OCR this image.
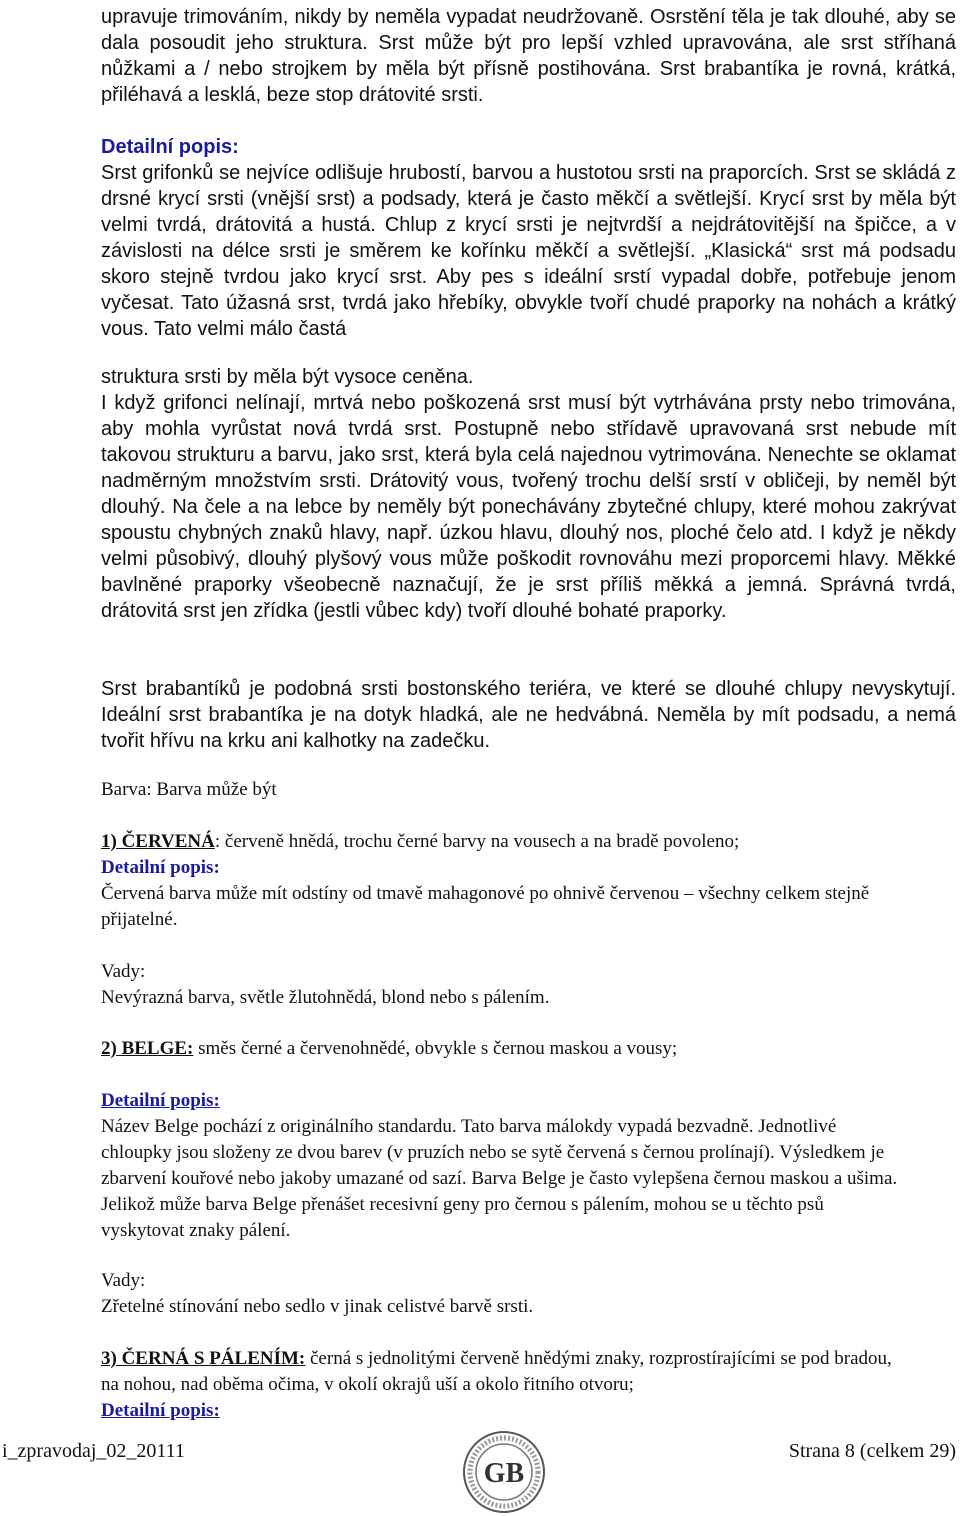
upravuje trimováním, nikdy by neměla vypadat neudržovaně. Osrstění těla je tak dlouhé, aby se dala posoudit jeho struktura. Srst může být pro lepší vzhled upravována, ale srst stříhaná nůžkami a / nebo strojkem by měla být přísně postihována. Srst brabantíka je rovná, krátká, přiléhavá a lesklá, beze stop drátovité srsti.

Detailní popis:

Srst grifonků se nejvíce odlišuje hrubostí, barvou a hustotou srsti na praporcích. Srst se skládá z drsné krycí srsti (vnější srst) a podsady, která je často měkčí a světlejší. Krycí srst by měla být velmi tvrdá, drátovitá a hustá. Chlup z krycí srsti je nejtvrdší a nejdrátovitější na špičce, a v závislosti na délce srsti je směrem ke kořínku měkčí a světlejší. „Klasická“ srst má podsadu skoro stejně tvrdou jako krycí srst. Aby pes s ideální srstí vypadal dobře, potřebuje jenom vyčesat. Tato úžasná srst, tvrdá jako hřebíky, obvykle tvoří chudé praporky na nohách a krátký vous. Tato velmi málo častá

struktura srsti by měla být vysoce ceněna.

I když grifonci nelínají, mrtvá nebo poškozená srst musí být vytrhávána prsty nebo trimována, aby mohla vyrůstat nová tvrdá srst. Postupně nebo střídavě upravovaná srst nebude mít takovou strukturu a barvu, jako srst, která byla celá najednou vytrimována. Nenechte se oklamat nadměrným množstvím srsti. Drátovitý vous, tvořený trochu delší srstí v obličeji, by neměl být dlouhý. Na čele a na lebce by neměly být ponechávány zbytečné chlupy, které mohou zakrývat spoustu chybných znaků hlavy, např. úzkou hlavu, dlouhý nos, ploché čelo atd. I když je někdy velmi působivý, dlouhý plyšový vous může poškodit rovnováhu mezi proporcemi hlavy. Měkké bavlněné praporky všeobecně naznačují, že je srst příliš měkká a jemná. Správná tvrdá, drátovitá srst jen zřídka (jestli vůbec kdy) tvoří dlouhé bohaté praporky.

Srst brabantíků je podobná srsti bostonského teriéra, ve které se dlouhé chlupy nevyskytují. Ideální srst brabantíka je na dotyk hladká, ale ne hedvábná. Neměla by mít podsadu, a nemá tvořit hřívu na krku ani kalhotky na zadečku.

Barva: Barva může být

1) ČERVENÁ: červeně hnědá, trochu černé barvy na vousech a na bradě povoleno;

Detailní popis:

Červená barva může mít odstíny od tmavě mahagonové po ohnivě červenou – všechny celkem stejně přijatelné.

Vady:

Nevýrazná barva, světle žlutohnědá, blond nebo s pálením.

2) BELGE: směs černé a červenohnědé, obvykle s černou maskou a vousy;

Detailní popis:

Název Belge pochází z originálního standardu. Tato barva málokdy vypadá bezvadně. Jednotlivé chloupky jsou složeny ze dvou barev (v pruzích nebo se sytě červená s černou prolínají). Výsledkem je zbarvení kouřové nebo jakoby umazané od sazí. Barva Belge je často vylepšena černou maskou a ušima. Jelikož může barva Belge přenášet recesivní geny pro černou s pálením, mohou se u těchto psů vyskytovat znaky pálení.

Vady:

Zřetelné stínování nebo sedlo v jinak celistvé barvě srsti.

3) ČERNÁ S PÁLENÍM: černá s jednolitými červeně hnědými znaky, rozprostírajícími se pod bradou, na nohou, nad oběma očima, v okolí okrajů uší a okolo řitního otvoru;

Detailní popis:

i_zpravodaj_02_20111
GB
Strana 8 (celkem 29)
